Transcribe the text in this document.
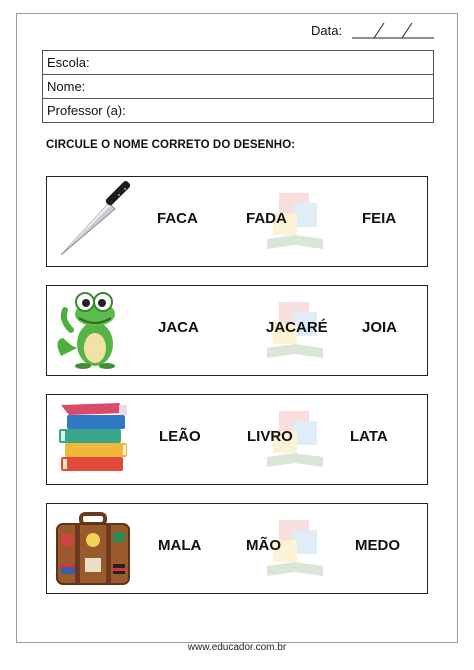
Data:
Escola:
Nome:
Professor (a):
CIRCULE O NOME CORRETO DO DESENHO:
FACA	FADA	FEIA
JACA	JACARÉ JOIA
LEÃO	LIVRO	LATA
MALA	MÃO	MEDO
www.educador.com.br
